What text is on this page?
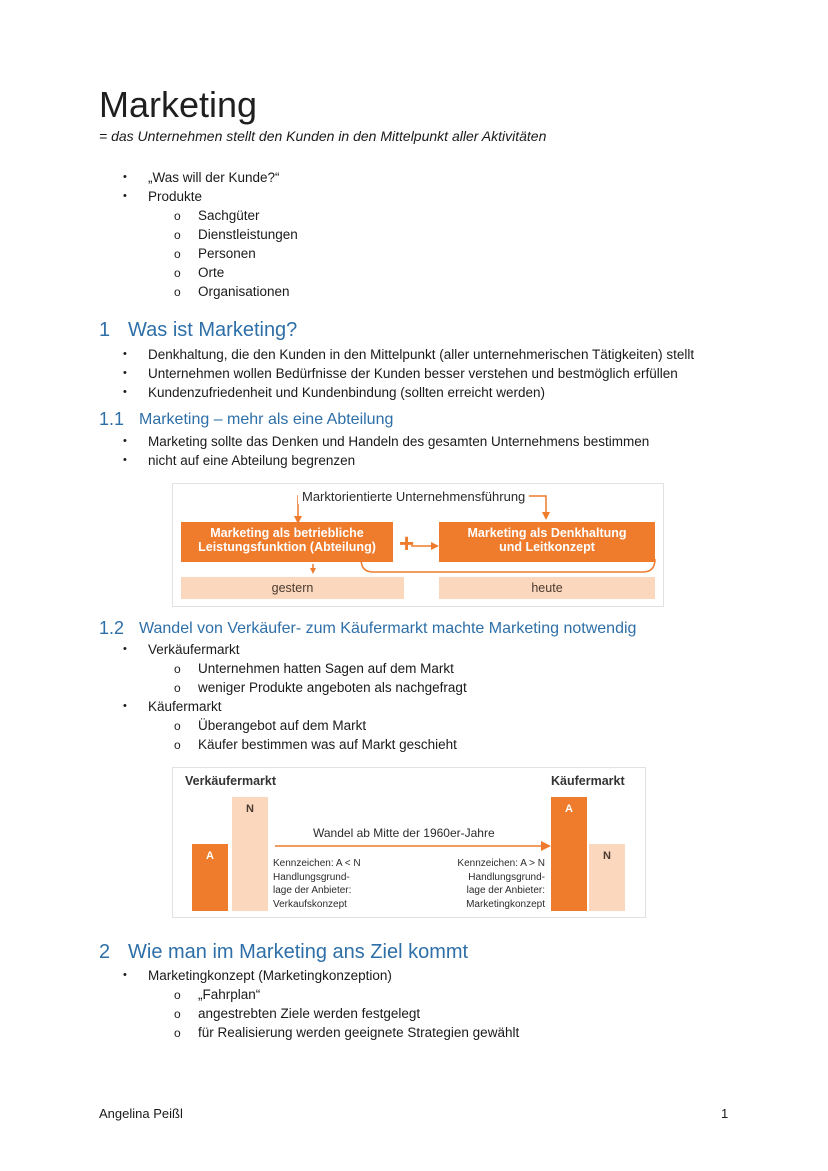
Marketing
= das Unternehmen stellt den Kunden in den Mittelpunkt aller Aktivitäten
• „Was will der Kunde?“
• Produkte
o Sachgüter
o Dienstleistungen
o Personen
o Orte
o Organisationen
1 Was ist Marketing?
• Denkhaltung, die den Kunden in den Mittelpunkt (aller unternehmerischen Tätigkeiten) stellt
• Unternehmen wollen Bedürfnisse der Kunden besser verstehen und bestmöglich erfüllen
• Kundenzufriedenheit und Kundenbindung (sollten erreicht werden)
1.1 Marketing – mehr als eine Abteilung
• Marketing sollte das Denken und Handeln des gesamten Unternehmens bestimmen
• nicht auf eine Abteilung begrenzen
Marktorientierte Unternehmensführung
Marketing als betriebliche
Leistungsfunktion (Abteilung) +	Marketing als Denkhaltung
und Leitkonzept
gestern	heute
1.2 Wandel von Verkäufer- zum Käufermarkt machte Marketing notwendig
• Verkäufermarkt
o Unternehmen hatten Sagen auf dem Markt
o weniger Produkte angeboten als nachgefragt
• Käufermarkt
o Überangebot auf dem Markt
o Käufer bestimmen was auf Markt geschieht
Verkäufermarkt	Käufermarkt
A
N	A
N
Wandel ab Mitte der 1960er-Jahre
Kennzeichen: A < N
Handlungsgrund-
lage der Anbieter:
Verkaufskonzept
Kennzeichen: A > N
Handlungsgrund-
lage der Anbieter:
Marketingkonzept
2 Wie man im Marketing ans Ziel kommt
• Marketingkonzept (Marketingkonzeption)
o „Fahrplan“
o angestrebten Ziele werden festgelegt
o für Realisierung werden geeignete Strategien gewählt
Angelina Peißl	1
